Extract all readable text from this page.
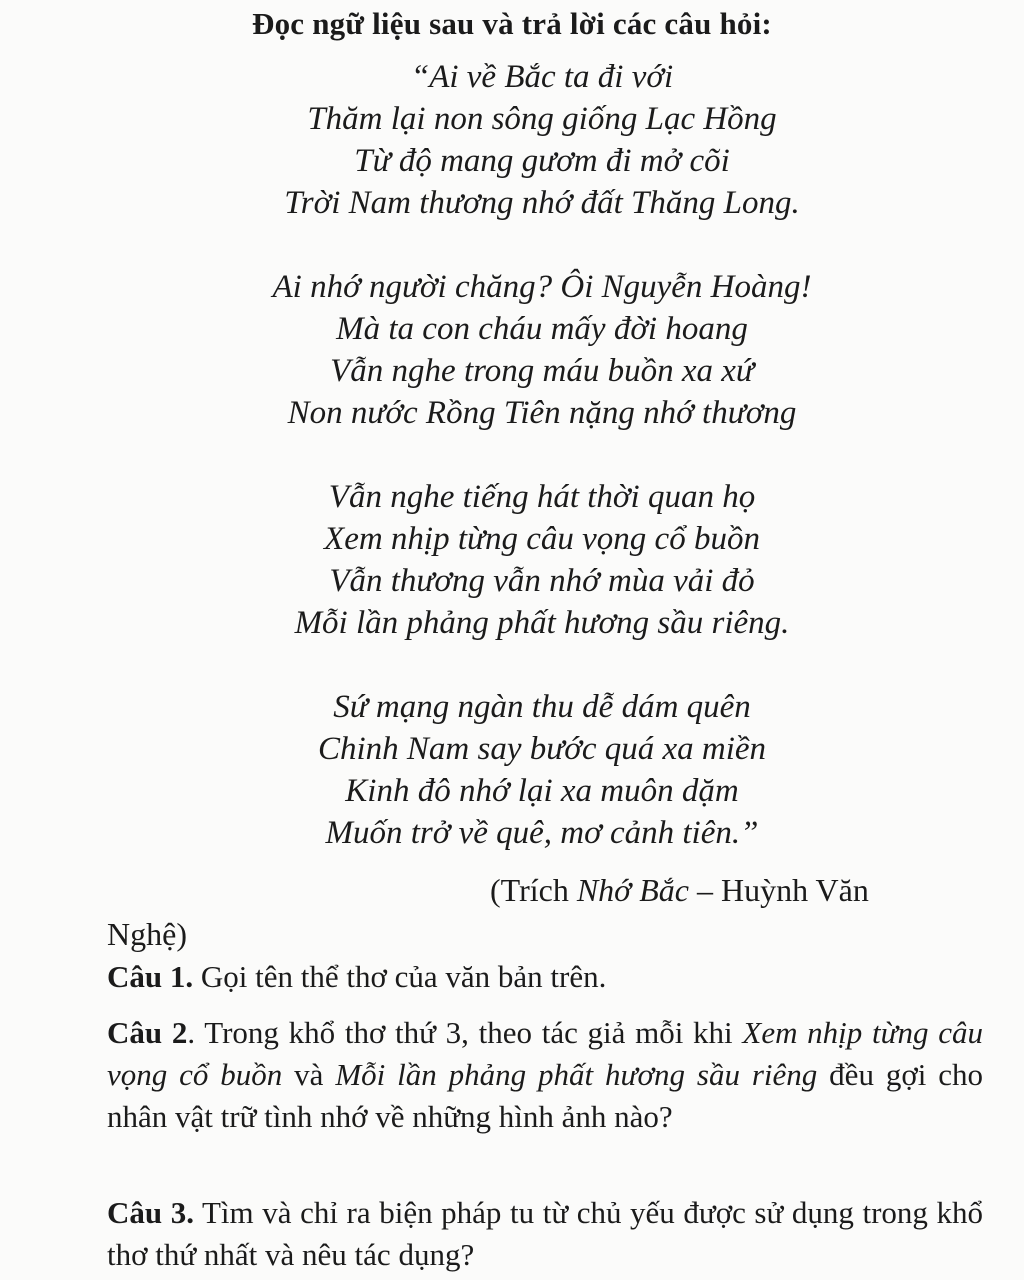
Đọc ngữ liệu sau và trả lời các câu hỏi:
“Ai về Bắc ta đi với
Thăm lại non sông giống Lạc Hồng
Từ độ mang gươm đi mở cõi
Trời Nam thương nhớ đất Thăng Long.
Ai nhớ người chăng? Ôi Nguyễn Hoàng!
Mà ta con cháu mấy đời hoang
Vẫn nghe trong máu buồn xa xứ
Non nước Rồng Tiên nặng nhớ thương
Vẫn nghe tiếng hát thời quan họ
Xem nhịp từng câu vọng cổ buồn
Vẫn thương vẫn nhớ mùa vải đỏ
Mỗi lần phảng phất hương sầu riêng.
Sứ mạng ngàn thu dễ dám quên
Chinh Nam say bước quá xa miền
Kinh đô nhớ lại xa muôn dặm
Muốn trở về quê, mơ cảnh tiên.”
(Trích Nhớ Bắc – Huỳnh Văn
Nghệ)
Câu 1. Gọi tên thể thơ của văn bản trên.
Câu 2. Trong khổ thơ thứ 3, theo tác giả mỗi khi Xem nhịp từng câu vọng cổ buồn và Mỗi lần phảng phất hương sầu riêng đều gợi cho nhân vật trữ tình nhớ về những hình ảnh nào?
Câu 3. Tìm và chỉ ra biện pháp tu từ chủ yếu được sử dụng trong khổ thơ thứ nhất và nêu tác dụng?
